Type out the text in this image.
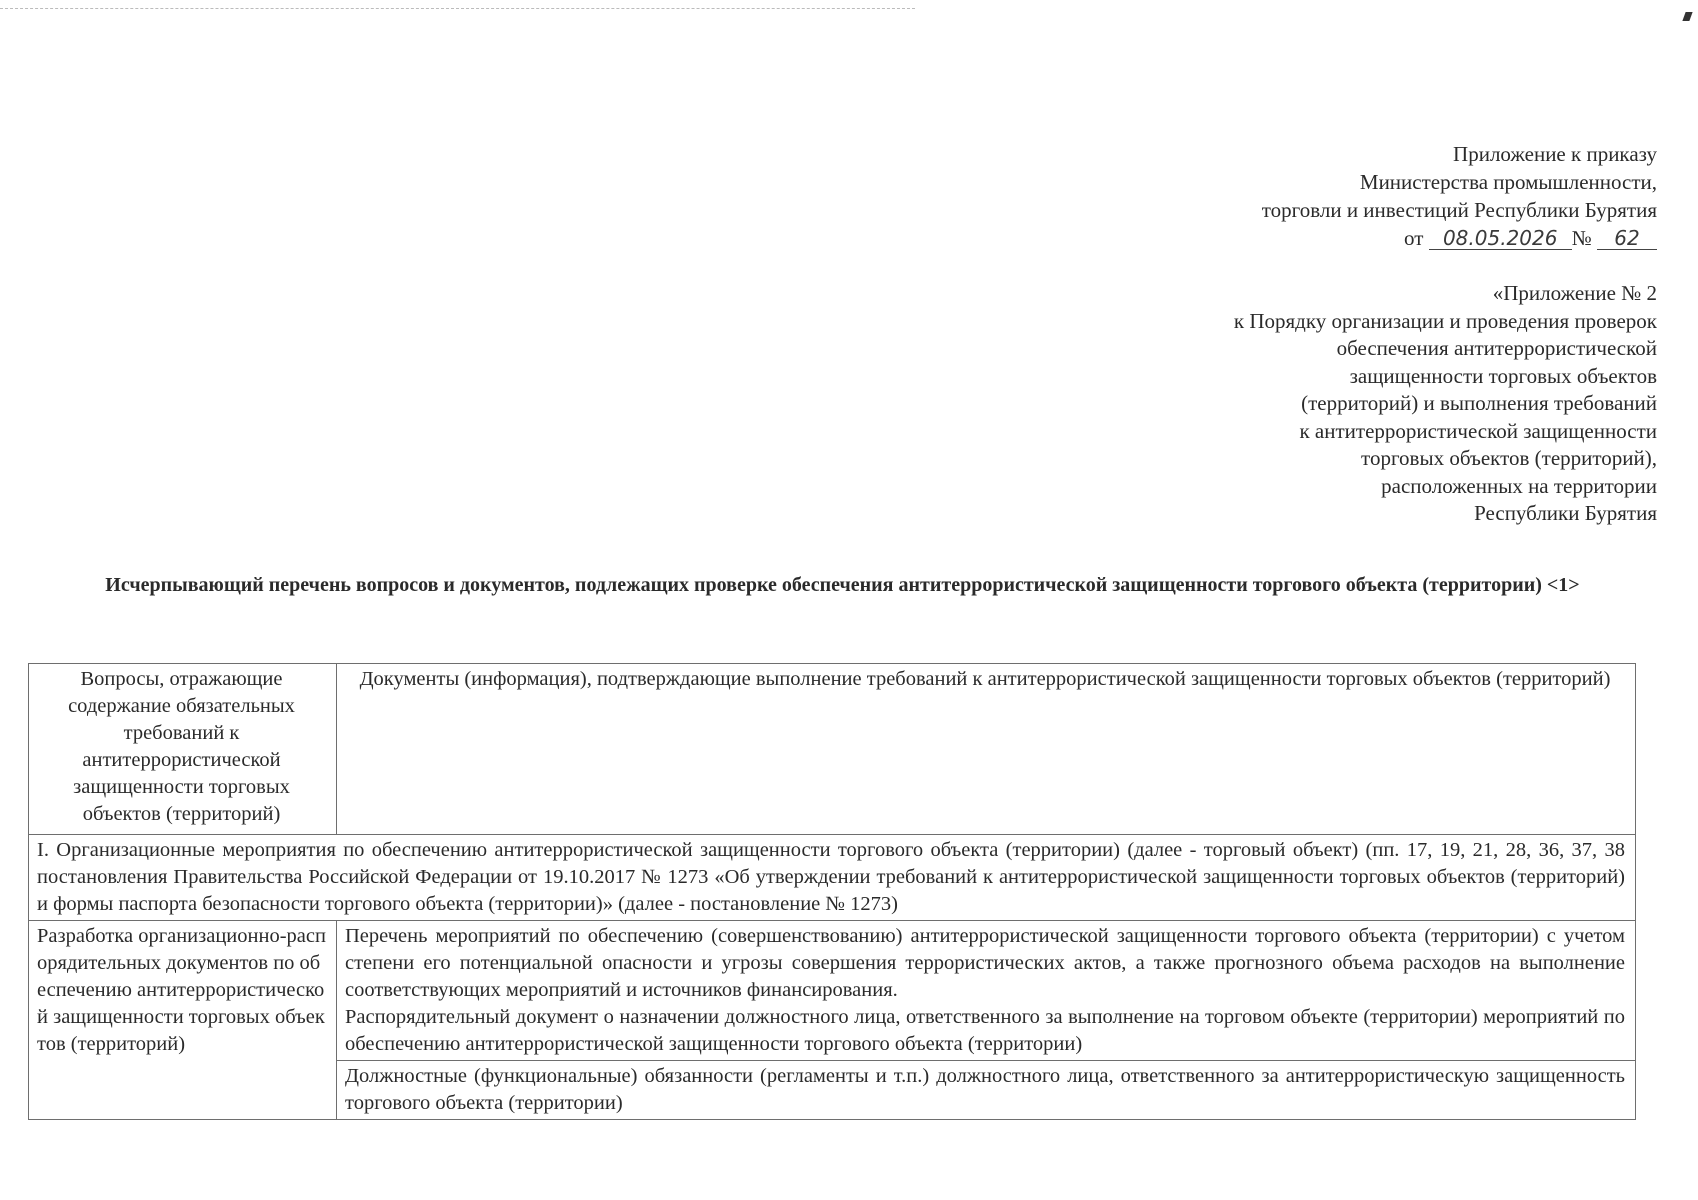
Приложение к приказу
Министерства промышленности,
торговли и инвестиций Республики Бурятия
от 08.05.2026 № 62
«Приложение № 2
к Порядку организации и проведения проверок
обеспечения антитеррористической
защищенности торговых объектов
(территорий) и выполнения требований
к антитеррористической защищенности
торговых объектов (территорий),
расположенных на территории
Республики Бурятия
Исчерпывающий перечень вопросов и документов, подлежащих проверке обеспечения антитеррористической защищенности торгового объекта (территории) <1>
Вопросы, отражающие содержание обязательных требований к антитеррористической защищенности торговых объектов (территорий)	Документы (информация), подтверждающие выполнение требований к антитеррористической защищенности торговых объектов (территорий)
I. Организационные мероприятия по обеспечению антитеррористической защищенности торгового объекта (территории) (далее - торговый объект) (пп. 17, 19, 21, 28, 36, 37, 38 постановления Правительства Российской Федерации от 19.10.2017 № 1273 «Об утверждении требований к антитеррористической защищенности торговых объектов (территорий) и формы паспорта безопасности торгового объекта (территории)» (далее - постановление № 1273)	
Разработка организационно-распорядительных документов по обеспечению антитеррористической защищенности торговых объектов (территорий)	Перечень мероприятий по обеспечению (совершенствованию) антитеррористической защищенности торгового объекта (территории) с учетом степени его потенциальной опасности и угрозы совершения террористических актов, а также прогнозного объема расходов на выполнение соответствующих мероприятий и источников финансирования.
Распорядительный документ о назначении должностного лица, ответственного за выполнение на торговом объекте (территории) мероприятий по обеспечению антитеррористической защищенности торгового объекта (территории)

	Должностные (функциональные) обязанности (регламенты и т.п.) должностного лица, ответственного за антитеррористическую защищенность торгового объекта (территории)
